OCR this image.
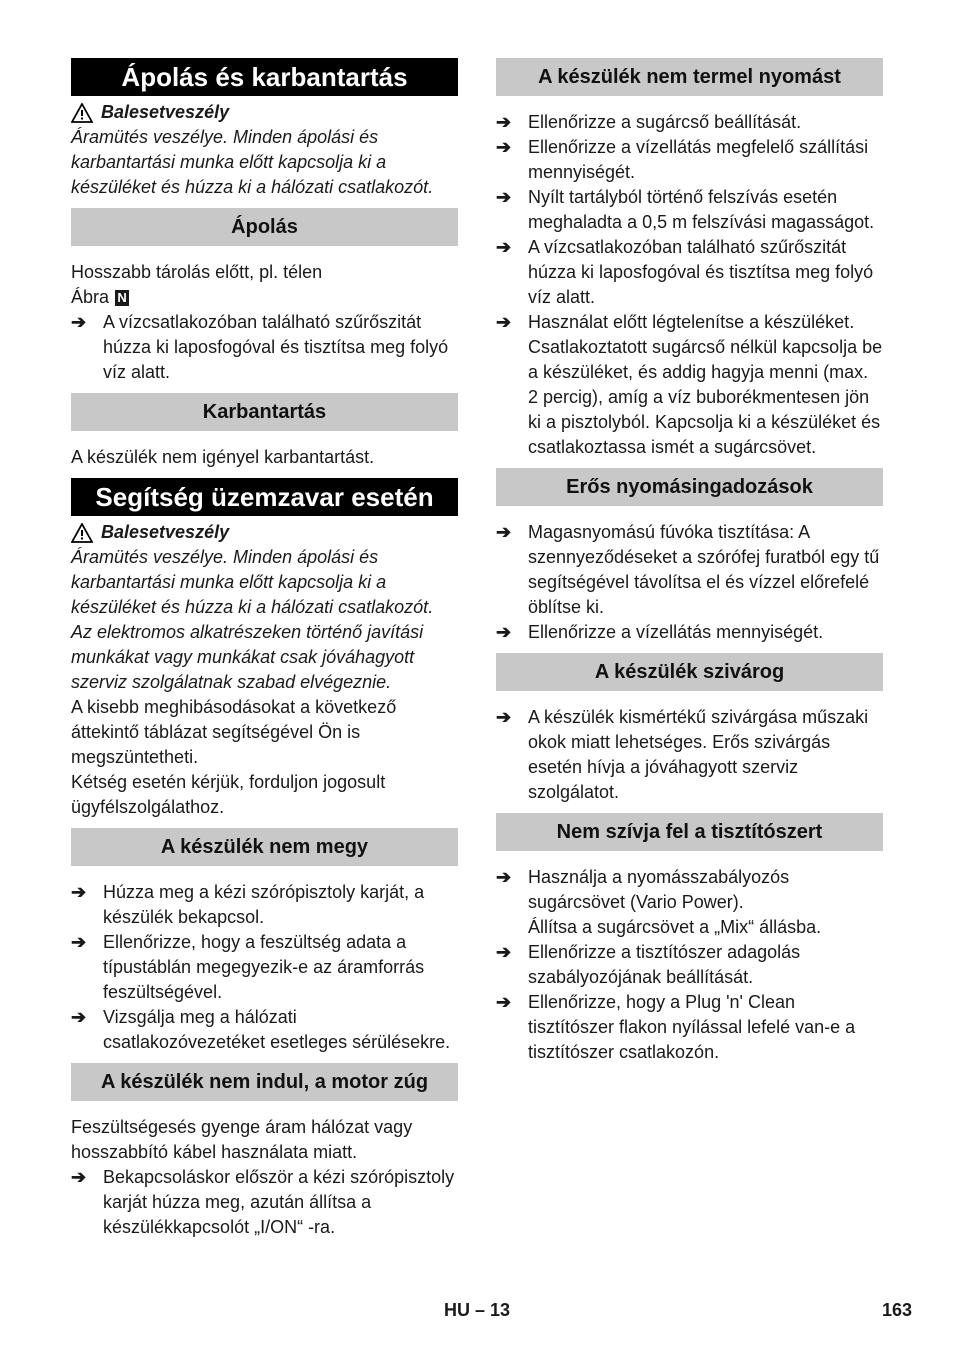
Ápolás és karbantartás
Balesetveszély

Áramütés veszélye. Minden ápolási és karbantartási munka előtt kapcsolja ki a készüléket és húzza ki a hálózati csatlakozót.

Ápolás

Hosszabb tárolás előtt, pl. télen

Ábra N

➔ A vízcsatlakozóban található szűrőszitát húzza ki laposfogóval és tisztítsa meg folyó víz alatt.
Karbantartás

A készülék nem igényel karbantartást.

Segítség üzemzavar esetén
Balesetveszély

Áramütés veszélye. Minden ápolási és karbantartási munka előtt kapcsolja ki a készüléket és húzza ki a hálózati csatlakozót.

Az elektromos alkatrészeken történő javítási munkákat vagy munkákat csak jóváhagyott szerviz szolgálatnak szabad elvégeznie.

A kisebb meghibásodásokat a következő áttekintő táblázat segítségével Ön is megszüntetheti.

Kétség esetén kérjük, forduljon jogosult ügyfélszolgálathoz.

A készülék nem megy
➔ Húzza meg a kézi szórópisztoly karját, a készülék bekapcsol.
➔ Ellenőrizze, hogy a feszültség adata a típustáblán megegyezik-e az áramforrás feszültségével.
➔ Vizsgálja meg a hálózati csatlakozóvezetéket esetleges sérülésekre.
A készülék nem indul, a motor zúg

Feszültségesés gyenge áram hálózat vagy hosszabbító kábel használata miatt.

➔ Bekapcsoláskor először a kézi szórópisztoly karját húzza meg, azután állítsa a készülékkapcsolót „I/ON“ -ra.
A készülék nem termel nyomást
➔ Ellenőrizze a sugárcső beállítását.
➔ Ellenőrizze a vízellátás megfelelő szállítási mennyiségét.
➔ Nyílt tartályból történő felszívás esetén meghaladta a 0,5 m felszívási magasságot.
➔ A vízcsatlakozóban található szűrőszitát húzza ki laposfogóval és tisztítsa meg folyó víz alatt.
➔ Használat előtt légtelenítse a készüléket.

Csatlakoztatott sugárcső nélkül kapcsolja be a készüléket, és addig hagyja menni (max. 2 percig), amíg a víz buborékmentesen jön ki a pisztolyból. Kapcsolja ki a készüléket és csatlakoztassa ismét a sugárcsövet.

Erős nyomásingadozások
➔ Magasnyomású fúvóka tisztítása: A szennyeződéseket a szórófej furatból egy tű segítségével távolítsa el és vízzel előrefelé öblítse ki.
➔ Ellenőrizze a vízellátás mennyiségét.
A készülék szivárog
➔ A készülék kismértékű szivárgása műszaki okok miatt lehetséges. Erős szivárgás esetén hívja a jóváhagyott szerviz szolgálatot.
Nem szívja fel a tisztítószert
➔ Használja a nyomásszabályozós sugárcsövet (Vario Power).

Állítsa a sugárcsövet a „Mix“ állásba.

➔ Ellenőrizze a tisztítószer adagolás szabályozójának beállítását.
➔ Ellenőrizze, hogy a Plug 'n' Clean tisztítószer flakon nyílással lefelé van-e a tisztítószer csatlakozón.
HU – 13	163
